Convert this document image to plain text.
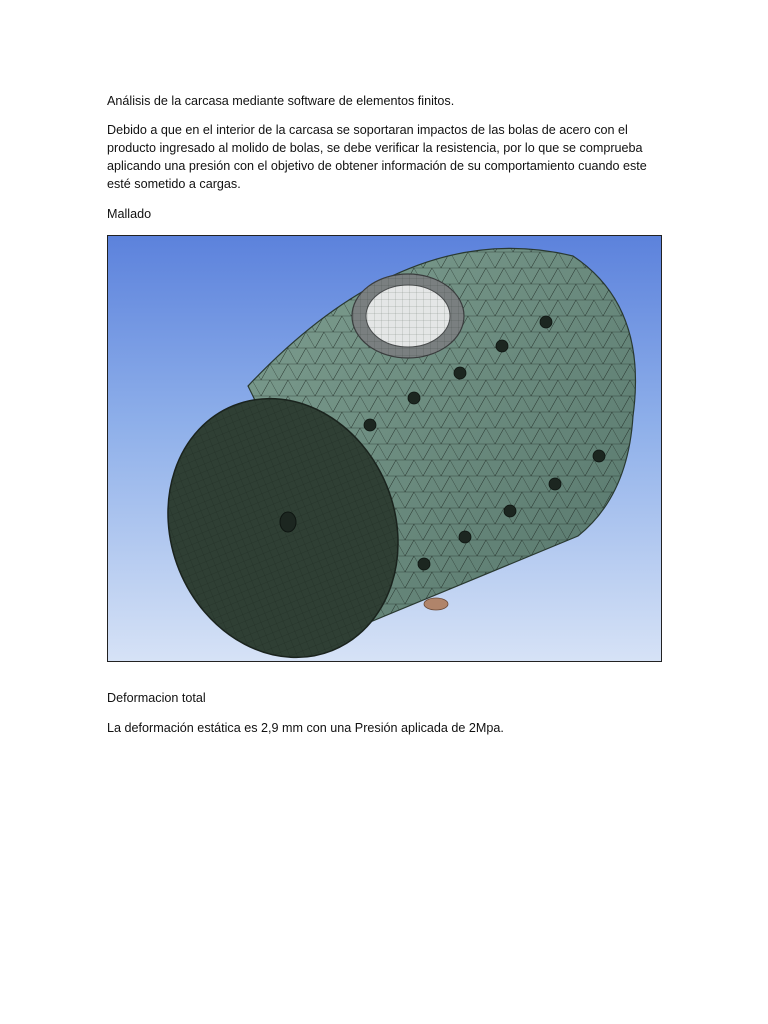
Análisis de la carcasa mediante software de elementos finitos.

Debido a que en el interior de la carcasa se soportaran impactos de las bolas de acero con el
producto ingresado al molido de bolas, se debe verificar la resistencia, por lo que se comprueba
aplicando una presión con el objetivo de obtener información de su comportamiento cuando este
esté sometido a cargas.

Mallado

Deformacion total

La deformación estática es 2,9 mm con una Presión aplicada de 2Mpa.
